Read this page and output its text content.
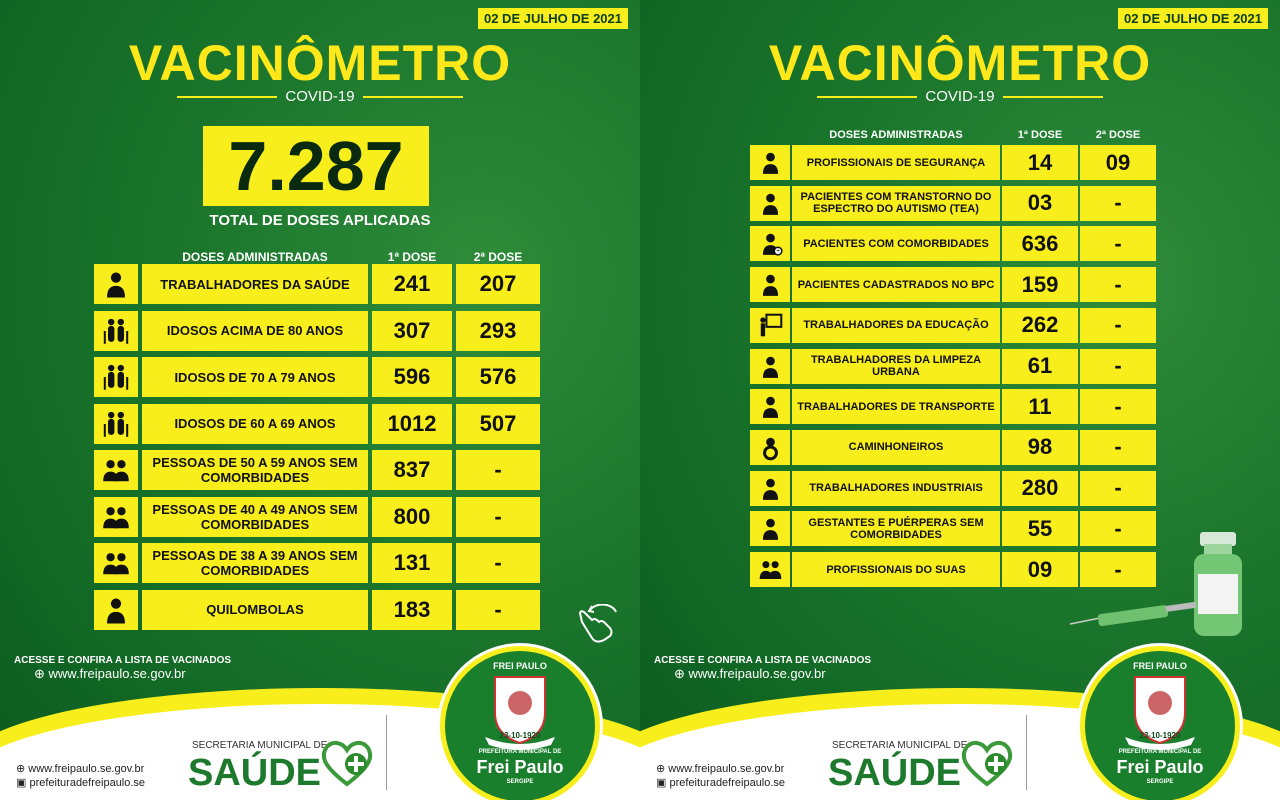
02 DE JULHO DE 2021
VACINÔMETRO
COVID-19
7.287
TOTAL DE DOSES APLICADAS
DOSES ADMINISTRADAS	1ª DOSE	2ª DOSE
TRABALHADORES DA SAÚDE	241	207
IDOSOS ACIMA DE 80 ANOS	307	293
IDOSOS DE 70 A 79 ANOS	596	576
IDOSOS DE 60 A 69 ANOS	1012	507
PESSOAS DE 50 A 59 ANOS SEM COMORBIDADES	837	-
PESSOAS DE 40 A 49 ANOS SEM COMORBIDADES	800	-
PESSOAS DE 38 A 39 ANOS SEM COMORBIDADES	131	-
QUILOMBOLAS	183	-
ACESSE E CONFIRA A LISTA DE VACINADOS
⊕ www.freipaulo.se.gov.br
⊕ www.freipaulo.se.gov.br
▣ prefeituradefreipaulo.se
SECRETARIA MUNICIPAL DE
SAÚDE
FREI PAULO
23-10-1920
PREFEITURA MUNICIPAL DE
Frei Paulo
SERGIPE
02 DE JULHO DE 2021
VACINÔMETRO
COVID-19
DOSES ADMINISTRADAS	1ª DOSE	2ª DOSE
PROFISSIONAIS DE SEGURANÇA	14	09
PACIENTES COM TRANSTORNO DO ESPECTRO DO AUTISMO (TEA)	03	-
+
PACIENTES COM COMORBIDADES	636	-
PACIENTES CADASTRADOS NO BPC	159	-
TRABALHADORES DA EDUCAÇÃO	262	-
TRABALHADORES DA LIMPEZA URBANA	61	-
TRABALHADORES DE TRANSPORTE	11	-
CAMINHONEIROS	98	-
TRABALHADORES INDUSTRIAIS	280	-
GESTANTES E PUÉRPERAS SEM COMORBIDADES	55	-
PROFISSIONAIS DO SUAS	09	-
ACESSE E CONFIRA A LISTA DE VACINADOS
⊕ www.freipaulo.se.gov.br
⊕ www.freipaulo.se.gov.br
▣ prefeituradefreipaulo.se
SECRETARIA MUNICIPAL DE
SAÚDE
FREI PAULO
23-10-1920
PREFEITURA MUNICIPAL DE
Frei Paulo
SERGIPE
